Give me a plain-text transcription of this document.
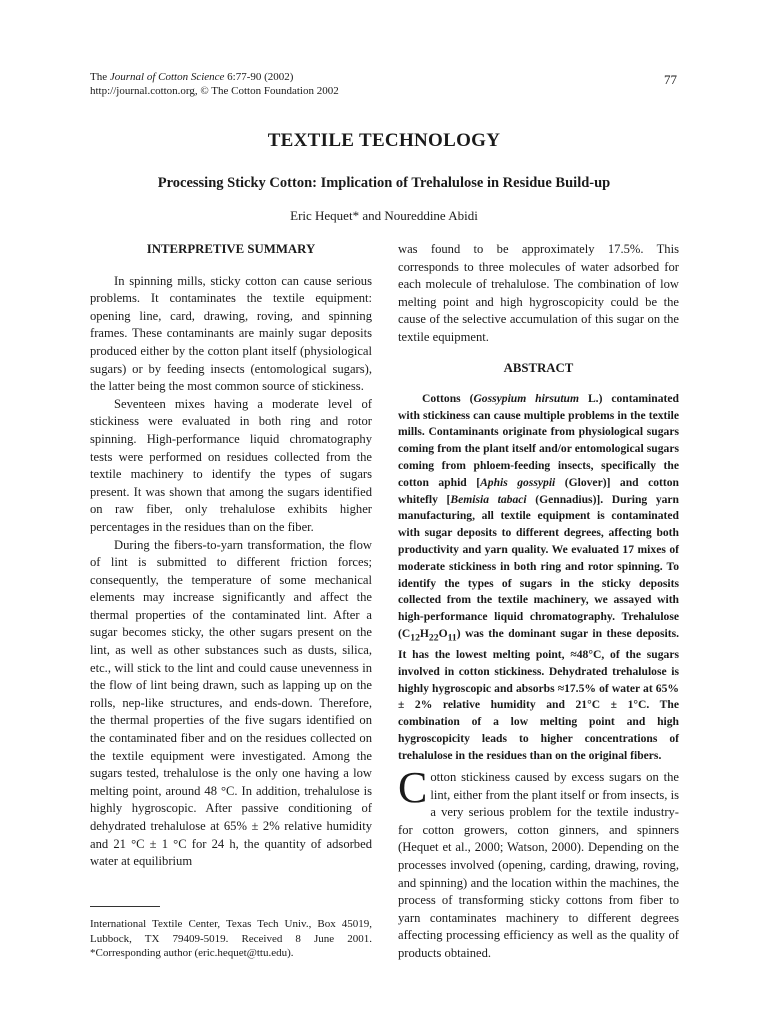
The Journal of Cotton Science 6:77-90 (2002)
http://journal.cotton.org, © The Cotton Foundation 2002
77
TEXTILE TECHNOLOGY
Processing Sticky Cotton: Implication of Trehalulose in Residue Build-up
Eric Hequet* and Noureddine Abidi
INTERPRETIVE SUMMARY

In spinning mills, sticky cotton can cause serious problems. It contaminates the textile equipment: opening line, card, drawing, roving, and spinning frames. These contaminants are mainly sugar deposits produced either by the cotton plant itself (physiological sugars) or by feeding insects (entomological sugars), the latter being the most common source of stickiness.

Seventeen mixes having a moderate level of stickiness were evaluated in both ring and rotor spinning. High-performance liquid chromatography tests were performed on residues collected from the textile machinery to identify the types of sugars present. It was shown that among the sugars identified on raw fiber, only trehalulose exhibits higher percentages in the residues than on the fiber.

During the fibers-to-yarn transformation, the flow of lint is submitted to different friction forces; consequently, the temperature of some mechanical elements may increase significantly and affect the thermal properties of the contaminated lint. After a sugar becomes sticky, the other sugars present on the lint, as well as other substances such as dusts, silica, etc., will stick to the lint and could cause unevenness in the flow of lint being drawn, such as lapping up on the rolls, nep-like structures, and ends-down. Therefore, the thermal properties of the five sugars identified on the contaminated fiber and on the residues collected on the textile equipment were investigated. Among the sugars tested, trehalulose is the only one having a low melting point, around 48 °C. In addition, trehalulose is highly hygroscopic. After passive conditioning of dehydrated trehalulose at 65% ± 2% relative humidity and 21 °C ± 1 °C for 24 h, the quantity of adsorbed water at equilibrium

was found to be approximately 17.5%. This corresponds to three molecules of water adsorbed for each molecule of trehalulose. The combination of low melting point and high hygroscopicity could be the cause of the selective accumulation of this sugar on the textile equipment.

ABSTRACT

Cottons (Gossypium hirsutum L.) contaminated with stickiness can cause multiple problems in the textile mills. Contaminants originate from physiological sugars coming from the plant itself and/or entomological sugars coming from phloem-feeding insects, specifically the cotton aphid [Aphis gossypii (Glover)] and cotton whitefly [Bemisia tabaci (Gennadius)]. During yarn manufacturing, all textile equipment is contaminated with sugar deposits to different degrees, affecting both productivity and yarn quality. We evaluated 17 mixes of moderate stickiness in both ring and rotor spinning. To identify the types of sugars in the sticky deposits collected from the textile machinery, we assayed with high-performance liquid chromatography. Trehalulose $(C_{12}H_{22}O_{11})$ was the dominant sugar in these deposits. It has the lowest melting point, ≈48°C, of the sugars involved in cotton stickiness. Dehydrated trehalulose is highly hygroscopic and absorbs ≈17.5% of water at 65% ± 2% relative humidity and 21°C ± 1°C. The combination of a low melting point and high hygroscopicity leads to higher concentrations of trehalulose in the residues than on the original fibers.

Cotton stickiness caused by excess sugars on the lint, either from the plant itself or from insects, is a very serious problem for the textile industry-for cotton growers, cotton ginners, and spinners (Hequet et al., 2000; Watson, 2000). Depending on the processes involved (opening, carding, drawing, roving, and spinning) and the location within the machines, the process of transforming sticky cottons from fiber to yarn contaminates machinery to different degrees affecting processing efficiency as well as the quality of products obtained.
International Textile Center, Texas Tech Univ., Box 45019, Lubbock, TX 79409-5019. Received 8 June 2001. *Corresponding author (eric.hequet@ttu.edu).
